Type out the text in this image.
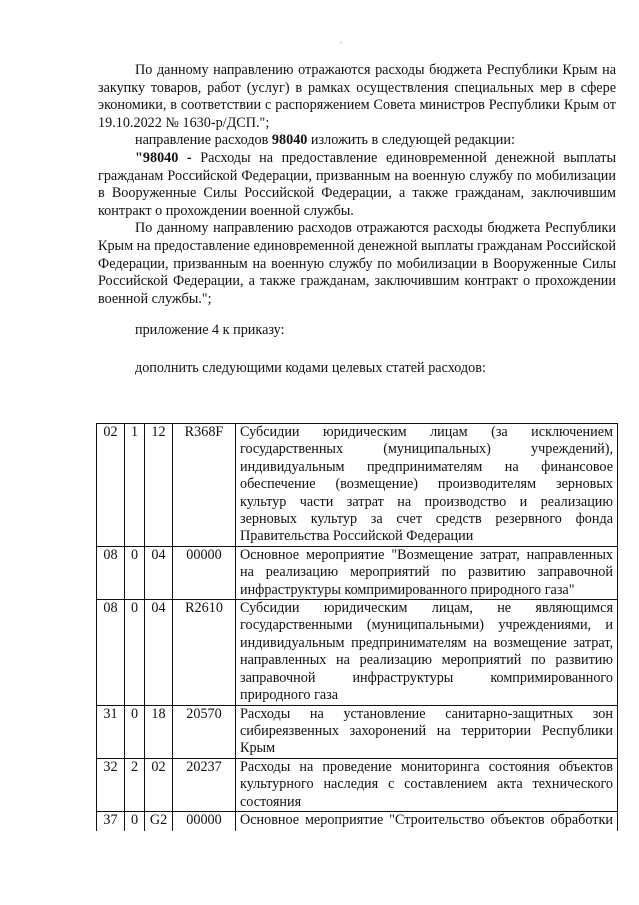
.

По данному направлению отражаются расходы бюджета Республики Крым на закупку товаров, работ (услуг) в рамках осуществления специальных мер в сфере экономики, в соответствии с распоряжением Совета министров Республики Крым от 19.10.2022 № 1630-р/ДСП.";

направление расходов 98040 изложить в следующей редакции:

"98040 - Расходы на предоставление единовременной денежной выплаты гражданам Российской Федерации, призванным на военную службу по мобилизации в Вооруженные Силы Российской Федерации, а также гражданам, заключившим контракт о прохождении военной службы.

По данному направлению расходов отражаются расходы бюджета Республики Крым на предоставление единовременной денежной выплаты гражданам Российской Федерации, призванным на военную службу по мобилизации в Вооруженные Силы Российской Федерации, а также гражданам, заключившим контракт о прохождении военной службы.";

приложение 4 к приказу:

дополнить следующими кодами целевых статей расходов:

02	1	12	R368F	Субсидии юридическим лицам (за исключением государственных (муниципальных) учреждений), индивидуальным предпринимателям на финансовое обеспечение (возмещение) производителям зерновых культур части затрат на производство и реализацию зерновых культур за счет средств резервного фонда Правительства Российской Федерации
08	0	04	00000	Основное мероприятие "Возмещение затрат, направленных на реализацию мероприятий по развитию заправочной инфраструктуры компримированного природного газа"
08	0	04	R2610	Субсидии юридическим лицам, не являющимся государственными (муниципальными) учреждениями, и индивидуальным предпринимателям на возмещение затрат, направленных на реализацию мероприятий по развитию заправочной инфраструктуры компримированного природного газа
31	0	18	20570	Расходы на установление санитарно-защитных зон сибиреязвенных захоронений на территории Республики Крым
32	2	02	20237	Расходы на проведение мониторинга состояния объектов культурного наследия с составлением акта технического состояния
37	0	G2	00000	Основное мероприятие "Строительство объектов обработки
